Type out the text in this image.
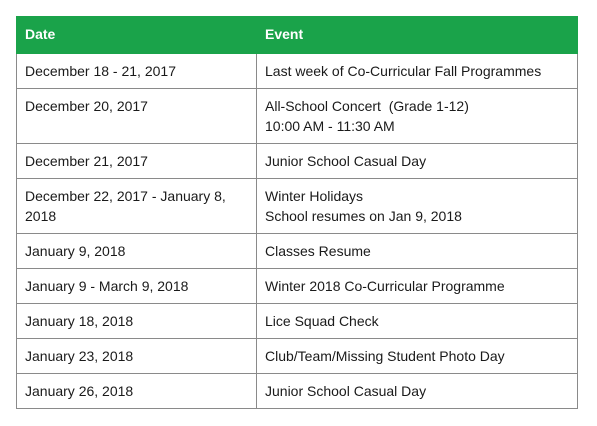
Date	Event

December 18 - 21, 2017	Last week of Co-Curricular Fall Programmes

December 20, 2017	All-School Concert  (Grade 1-12)
10:00 AM - 11:30 AM

December 21, 2017	Junior School Casual Day

December 22, 2017 - January 8,
2018	Winter Holidays
School resumes on Jan 9, 2018

January 9, 2018	Classes Resume

January 9 - March 9, 2018	Winter 2018 Co-Curricular Programme

January 18, 2018	Lice Squad Check

January 23, 2018	Club/Team/Missing Student Photo Day

January 26, 2018	Junior School Casual Day
